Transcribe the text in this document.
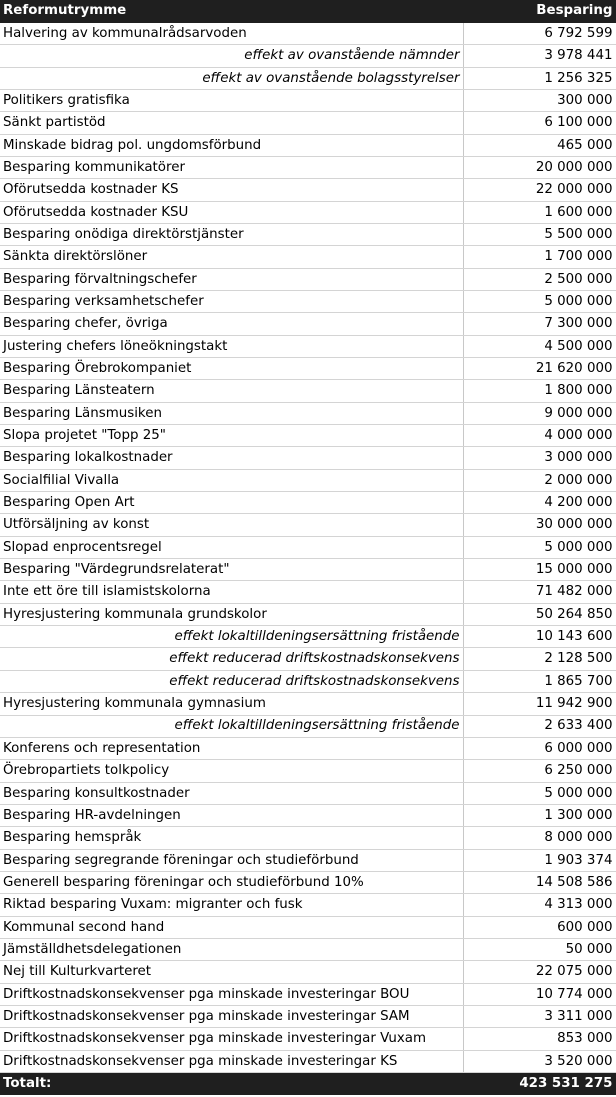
Reformutrymme	Besparing
Halvering av kommunalrådsarvoden	6 792 599
effekt av ovanstående nämnder	3 978 441
effekt av ovanstående bolagsstyrelser	1 256 325
Politikers gratisfika	300 000
Sänkt partistöd	6 100 000
Minskade bidrag pol. ungdomsförbund	465 000
Besparing kommunikatörer	20 000 000
Oförutsedda kostnader KS	22 000 000
Oförutsedda kostnader KSU	1 600 000
Besparing onödiga direktörstjänster	5 500 000
Sänkta direktörslöner	1 700 000
Besparing förvaltningschefer	2 500 000
Besparing verksamhetschefer	5 000 000
Besparing chefer, övriga	7 300 000
Justering chefers löneökningstakt	4 500 000
Besparing Örebrokompaniet	21 620 000
Besparing Länsteatern	1 800 000
Besparing Länsmusiken	9 000 000
Slopa projetet "Topp 25"	4 000 000
Besparing lokalkostnader	3 000 000
Socialfilial Vivalla	2 000 000
Besparing Open Art	4 200 000
Utförsäljning av konst	30 000 000
Slopad enprocentsregel	5 000 000
Besparing "Värdegrundsrelaterat"	15 000 000
Inte ett öre till islamistskolorna	71 482 000
Hyresjustering kommunala grundskolor	50 264 850
effekt lokaltilldeningsersättning fristående	10 143 600
effekt reducerad driftskostnadskonsekvens	2 128 500
effekt reducerad driftskostnadskonsekvens	1 865 700
Hyresjustering kommunala gymnasium	11 942 900
effekt lokaltilldeningsersättning fristående	2 633 400
Konferens och representation	6 000 000
Örebropartiets tolkpolicy	6 250 000
Besparing konsultkostnader	5 000 000
Besparing HR-avdelningen	1 300 000
Besparing hemspråk	8 000 000
Besparing segregrande föreningar och studieförbund	1 903 374
Generell besparing föreningar och studieförbund 10%	14 508 586
Riktad besparing Vuxam: migranter och fusk	4 313 000
Kommunal second hand	600 000
Jämställdhetsdelegationen	50 000
Nej till Kulturkvarteret	22 075 000
Driftkostnadskonsekvenser pga minskade investeringar BOU	10 774 000
Driftkostnadskonsekvenser pga minskade investeringar SAM	3 311 000
Driftkostnadskonsekvenser pga minskade investeringar Vuxam	853 000
Driftkostnadskonsekvenser pga minskade investeringar KS	3 520 000
Totalt:	423 531 275
